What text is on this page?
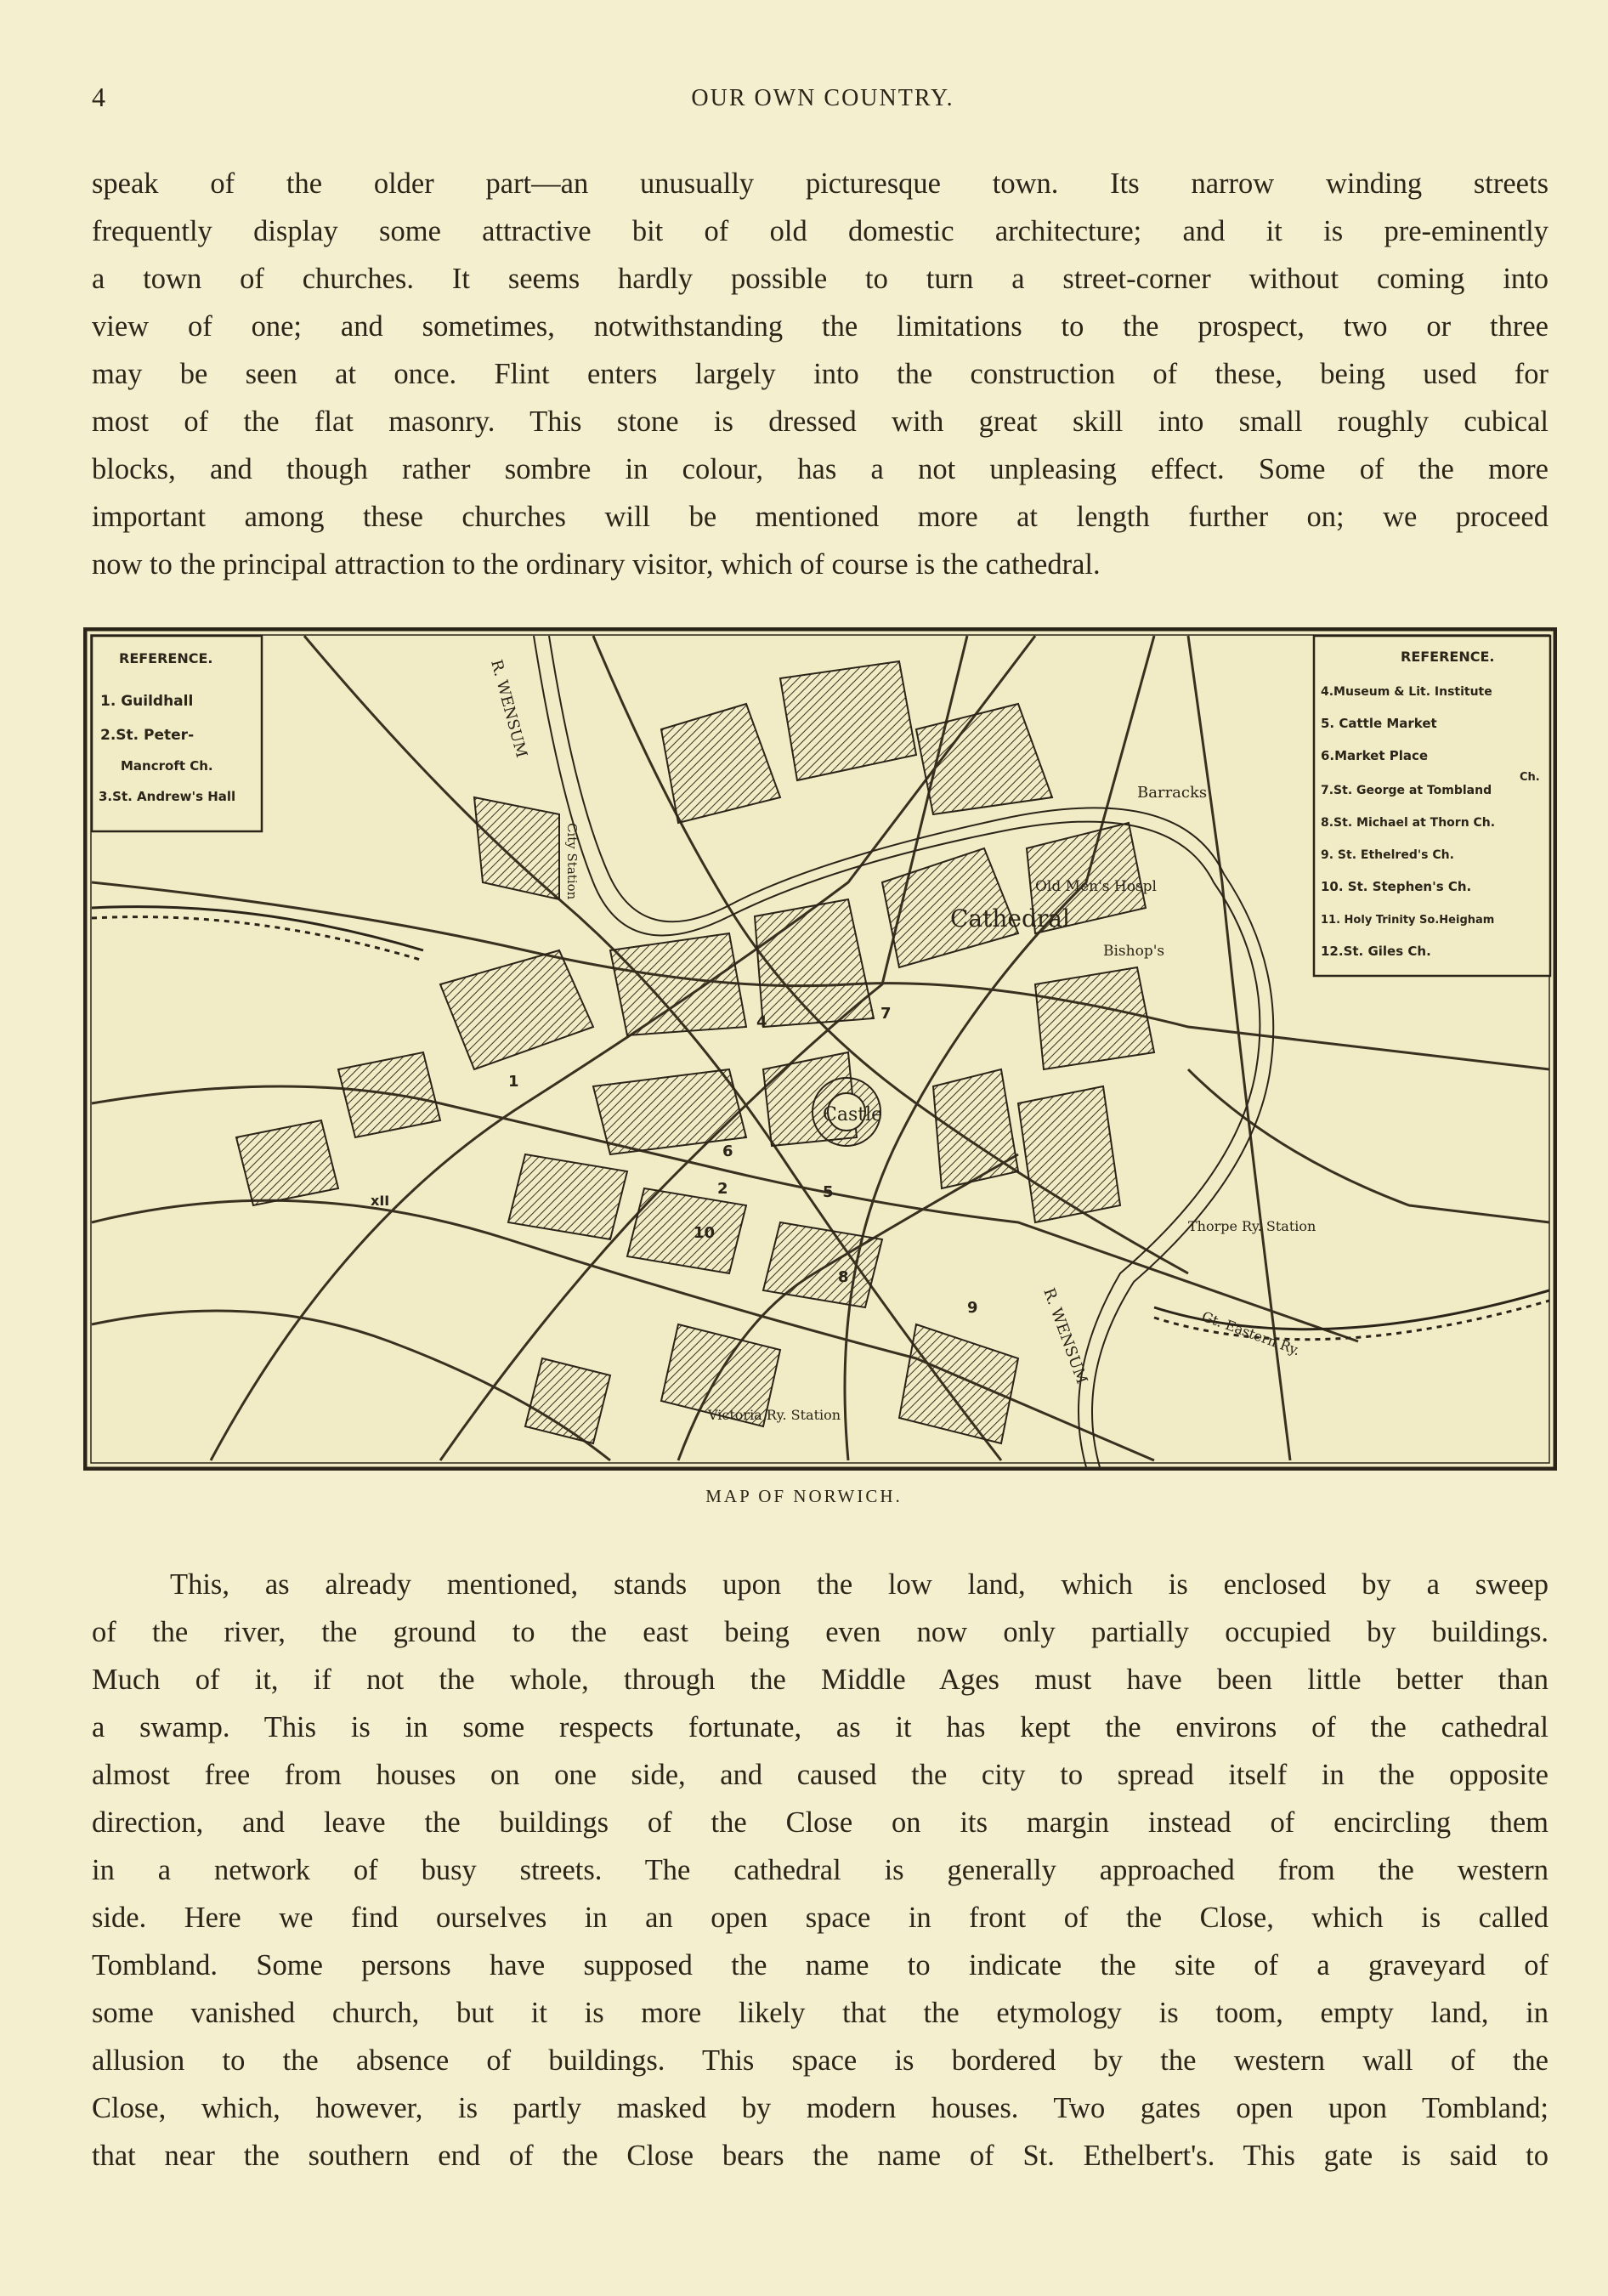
4	OUR OWN COUNTRY.
speak of the older part—an unusually picturesque town. Its narrow winding streets
frequently display some attractive bit of old domestic architecture; and it is pre-eminently
a town of churches. It seems hardly possible to turn a street-corner without coming into
view of one; and sometimes, notwithstanding the limitations to the prospect, two or three
may be seen at once. Flint enters largely into the construction of these, being used for
most of the flat masonry. This stone is dressed with great skill into small roughly cubical
blocks, and though rather sombre in colour, has a not unpleasing effect. Some of the more
important among these churches will be mentioned more at length further on; we proceed
now to the principal attraction to the ordinary visitor, which of course is the cathedral.
REFERENCE.
1. Guildhall
2.St. Peter-
Mancroft Ch.
3.St. Andrew's Hall
REFERENCE.
4.Museum & Lit. Institute
5. Cattle Market
6.Market Place
Ch.
7.St. George at Tombland
8.St. Michael at Thorn Ch.
9. St. Ethelred's Ch.
10. St. Stephen's Ch.
11. Holy Trinity So.Heigham
12.St. Giles Ch.
R. WENSUM
R. WENSUM
Cathedral
Castle
Barracks
Old Men's Hospl
Bishop's
City Station
Thorpe Ry. Station
Victoria Ry. Station
Gt. Eastern Ry.
1
2
4
5
6
7
8
9
10
xII
MAP OF NORWICH.
This, as already mentioned, stands upon the low land, which is enclosed by a sweep
of the river, the ground to the east being even now only partially occupied by buildings.
Much of it, if not the whole, through the Middle Ages must have been little better than
a swamp. This is in some respects fortunate, as it has kept the environs of the cathedral
almost free from houses on one side, and caused the city to spread itself in the opposite
direction, and leave the buildings of the Close on its margin instead of encircling them
in a network of busy streets. The cathedral is generally approached from the western
side. Here we find ourselves in an open space in front of the Close, which is called
Tombland. Some persons have supposed the name to indicate the site of a graveyard of
some vanished church, but it is more likely that the etymology is toom, empty land, in
allusion to the absence of buildings. This space is bordered by the western wall of the
Close, which, however, is partly masked by modern houses. Two gates open upon Tombland;
that near the southern end of the Close bears the name of St. Ethelbert's. This gate is said to
